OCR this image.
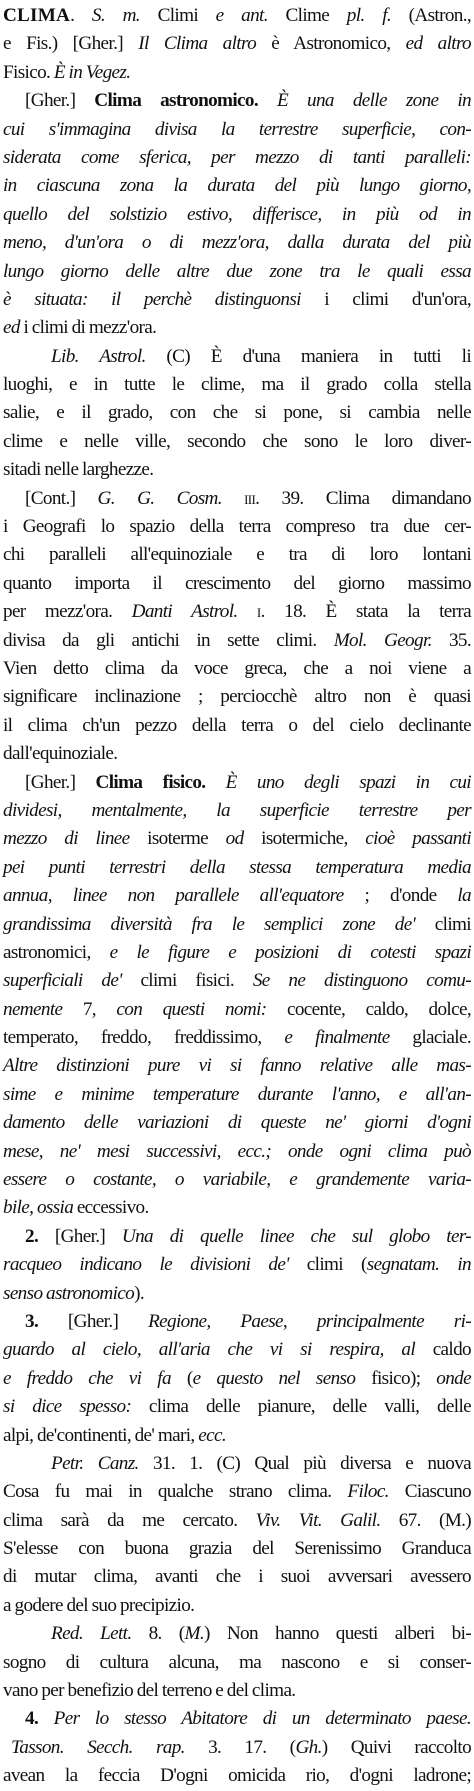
CLIMA. S. m. Climi e ant. Clime pl. f. (Astron.,
e Fis.) [Gher.] Il Clima altro è Astronomico, ed altro
Fisico. È in Vegez.
[Gher.] Clima astronomico. È una delle zone in
cui s'immagina divisa la terrestre superficie, con-
siderata come sferica, per mezzo di tanti paralleli:
in ciascuna zona la durata del più lungo giorno,
quello del solstizio estivo, differisce, in più od in
meno, d'un'ora o di mezz'ora, dalla durata del più
lungo giorno delle altre due zone tra le quali essa
è situata: il perchè distinguonsi i climi d'un'ora,
ed i climi di mezz'ora.
Lib. Astrol. (C) È d'una maniera in tutti li
luoghi, e in tutte le clime, ma il grado colla stella
salie, e il grado, con che si pone, si cambia nelle
clime e nelle ville, secondo che sono le loro diver-
sitadi nelle larghezze.
[Cont.] G. G. Cosm. iii. 39. Clima dimandano
i Geografi lo spazio della terra compreso tra due cer-
chi paralleli all'equinoziale e tra di loro lontani
quanto importa il crescimento del giorno massimo
per mezz'ora. Danti Astrol. i. 18. È stata la terra
divisa da gli antichi in sette climi. Mol. Geogr. 35.
Vien detto clima da voce greca, che a noi viene a
significare inclinazione ; perciocchè altro non è quasi
il clima ch'un pezzo della terra o del cielo declinante
dall'equinoziale.
[Gher.] Clima fisico. È uno degli spazi in cui
dividesi, mentalmente, la superficie terrestre per
mezzo di linee isoterme od isotermiche, cioè passanti
pei punti terrestri della stessa temperatura media
annua, linee non parallele all'equatore ; d'onde la
grandissima diversità fra le semplici zone de' climi
astronomici, e le figure e posizioni di cotesti spazi
superficiali de' climi fisici. Se ne distinguono comu-
nemente 7, con questi nomi: cocente, caldo, dolce,
temperato, freddo, freddissimo, e finalmente glaciale.
Altre distinzioni pure vi si fanno relative alle mas-
sime e minime temperature durante l'anno, e all'an-
damento delle variazioni di queste ne' giorni d'ogni
mese, ne' mesi successivi, ecc.; onde ogni clima può
essere o costante, o variabile, e grandemente varia-
bile, ossia eccessivo.
2. [Gher.] Una di quelle linee che sul globo ter-
racqueo indicano le divisioni de' climi (segnatam. in
senso astronomico).
3. [Gher.] Regione, Paese, principalmente ri-
guardo al cielo, all'aria che vi si respira, al caldo
e freddo che vi fa (e questo nel senso fisico); onde
si dice spesso: clima delle pianure, delle valli, delle
alpi, de'continenti, de' mari, ecc.
Petr. Canz. 31. 1. (C) Qual più diversa e nuova
Cosa fu mai in qualche strano clima. Filoc. Ciascuno
clima sarà da me cercato. Viv. Vit. Galil. 67. (M.)
S'elesse con buona grazia del Serenissimo Granduca
di mutar clima, avanti che i suoi avversari avessero
a godere del suo precipizio.
Red. Lett. 8. (M.) Non hanno questi alberi bi-
sogno di cultura alcuna, ma nascono e si conser-
vano per benefizio del terreno e del clima.
4. Per lo stesso Abitatore di un determinato paese.
Tasson. Secch. rap. 3. 17. (Gh.) Quivi raccolto
avean la feccia D'ogni omicida rio, d'ogni ladrone;
